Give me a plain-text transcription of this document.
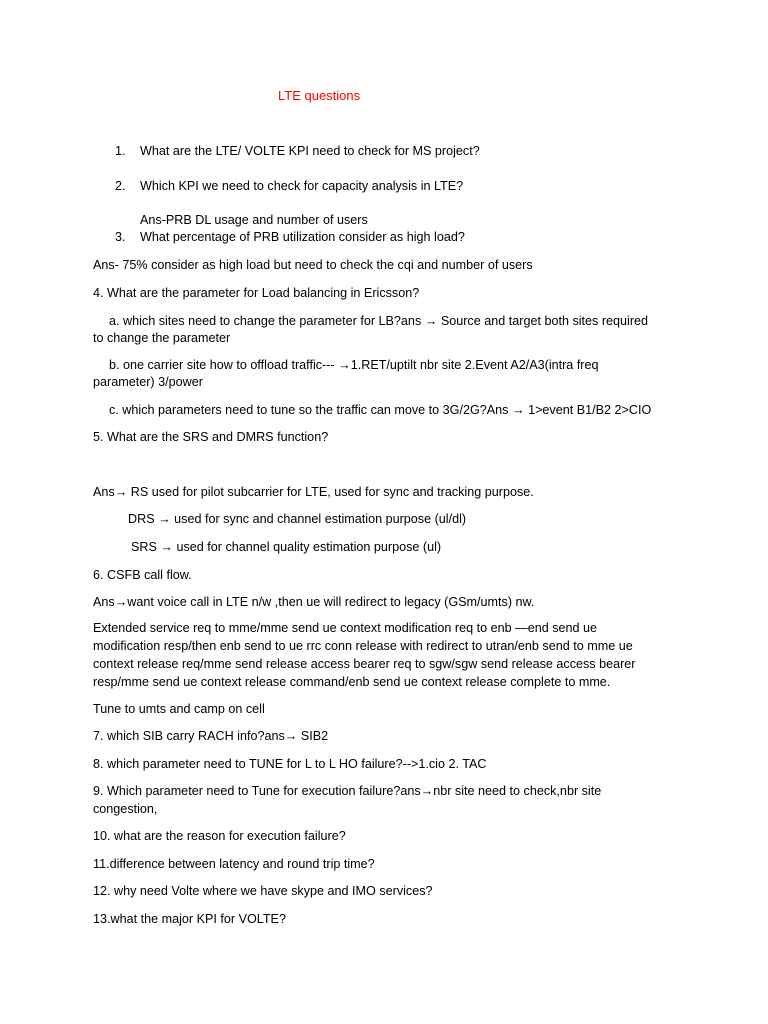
LTE questions
1. What are the LTE/ VOLTE KPI need to check for MS project?
2. Which KPI we need to check for capacity analysis in LTE?
Ans-PRB DL usage and number of users
3. What percentage of PRB utilization consider as high load?
Ans- 75% consider as high load but need to check the cqi and number of users
4. What are the parameter for Load balancing in Ericsson?
a. which sites need to change the parameter for LB?ans → Source and target both sites required
to change the parameter
b. one carrier site how to offload traffic--- →1.RET/uptilt nbr site 2.Event A2/A3(intra freq
parameter) 3/power
c. which parameters need to tune so the traffic can move to 3G/2G?Ans → 1>event B1/B2 2>CIO
5. What are the SRS and DMRS function?
Ans→ RS used for pilot subcarrier for LTE, used for sync and tracking purpose.
DRS → used for sync and channel estimation purpose (ul/dl)
SRS → used for channel quality estimation purpose (ul)
6. CSFB call flow.
Ans→want voice call in LTE n/w ,then ue will redirect to legacy (GSm/umts) nw.
Extended service req to mme/mme send ue context modification req to enb —end send ue
modification resp/then enb send to ue rrc conn release with redirect to utran/enb send to mme ue
context release req/mme send release access bearer req to sgw/sgw send release access bearer
resp/mme send ue context release command/enb send ue context release complete to mme.
Tune to umts and camp on cell
7. which SIB carry RACH info?ans→ SIB2
8. which parameter need to TUNE for L to L HO failure?-->1.cio 2. TAC
9. Which parameter need to Tune for execution failure?ans→nbr site need to check,nbr site
congestion,
10. what are the reason for execution failure?
11.difference between latency and round trip time?
12. why need Volte where we have skype and IMO services?
13.what the major KPI for VOLTE?
